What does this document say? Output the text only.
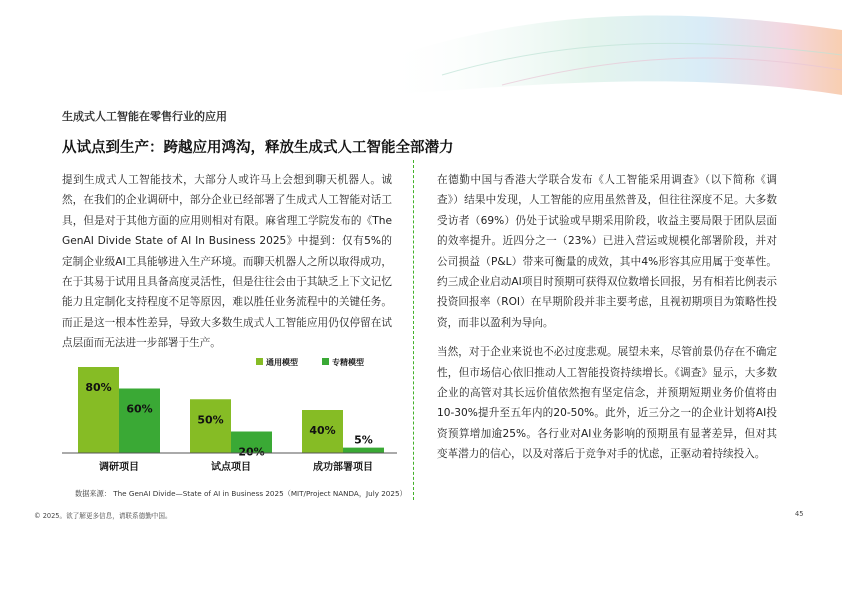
生成式人工智能在零售行业的应用
从试点到生产：跨越应用鸿沟，释放生成式人工智能全部潜力

提到生成式人工智能技术，大部分人或许马上会想到聊天机器人。诚然，在我们的企业调研中，部分企业已经部署了生成式人工智能对话工具，但是对于其他方面的应用则相对有限。麻省理工学院发布的《The GenAI Divide State of AI In Business 2025》中提到：仅有5%的定制企业级AI工具能够进入生产环境。而聊天机器人之所以取得成功，在于其易于试用且具备高度灵活性，但是往往会由于其缺乏上下文记忆能力且定制化支持程度不足等原因，难以胜任业务流程中的关键任务。而正是这一根本性差异，导致大多数生成式人工智能应用仍仅停留在试点层面而无法进一步部署于生产。

在德勤中国与香港大学联合发布《人工智能采用调查》（以下简称《调查》）结果中发现，人工智能的应用虽然普及，但往往深度不足。大多数受访者（69%）仍处于试验或早期采用阶段，收益主要局限于团队层面的效率提升。近四分之一（23%）已进入营运或规模化部署阶段，并对公司损益（P&L）带来可衡量的成效，其中4%形容其应用属于变革性。约三成企业启动AI项目时预期可获得双位数增长回报，另有相若比例表示投资回报率（ROI）在早期阶段并非主要考虑，且视初期项目为策略性投资，而非以盈利为导向。

当然，对于企业来说也不必过度悲观。展望未来，尽管前景仍存在不确定性，但市场信心依旧推动人工智能投资持续增长。《调查》显示，大多数企业的高管对其长远价值依然抱有坚定信念，并预期短期业务价值将由10-30%提升至五年内的20-50%。此外，近三分之一的企业计划将AI投资预算增加逾25%。各行业对AI业务影响的预期虽有显著差异，但对其变革潜力的信心，以及对落后于竞争对手的忧虑，正驱动着持续投入。

80%
60%
调研项目
50%
20%
试点项目
40%
5%
成功部署项目
通用模型	专精模型
数据来源： The GenAI Divide—State of AI in Business 2025（MIT/Project NANDA，July 2025）
© 2025。欲了解更多信息，请联系德勤中国。	45
